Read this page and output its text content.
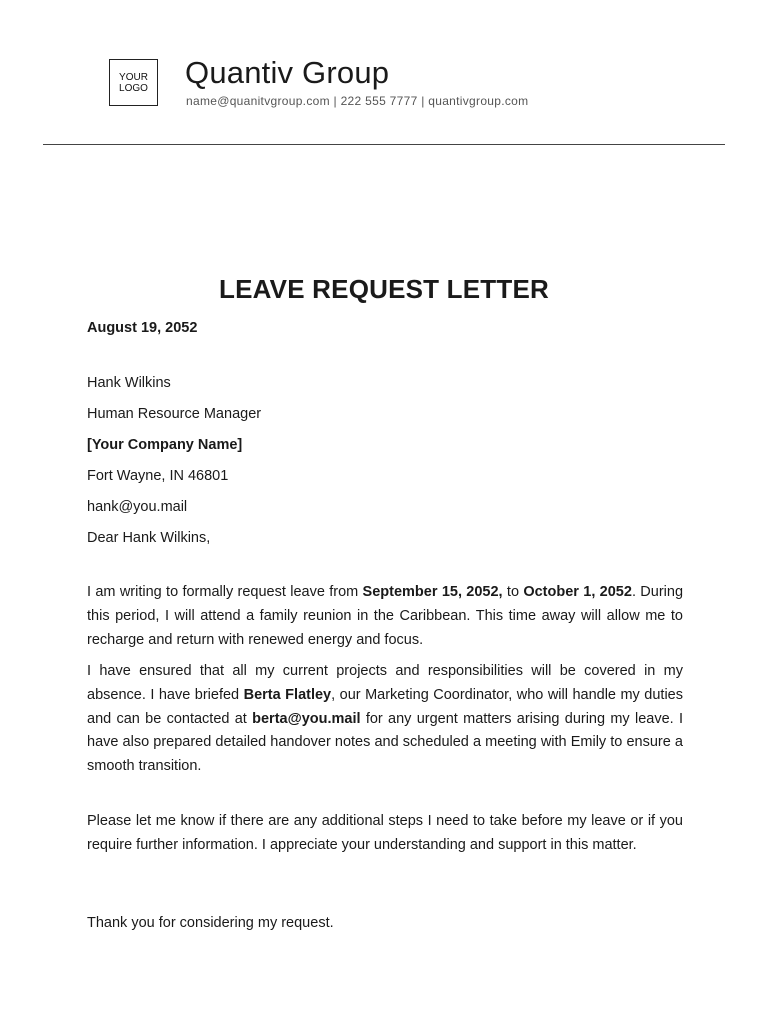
YOUR
LOGO Quantiv Group
name@quanitvgroup.com | 222 555 7777 | quantivgroup.com
LEAVE REQUEST LETTER
August 19, 2052
Hank Wilkins
Human Resource Manager
[Your Company Name]
Fort Wayne, IN 46801
hank@you.mail
Dear Hank Wilkins,
I am writing to formally request leave from September 15, 2052, to October 1, 2052. During this period, I will attend a family reunion in the Caribbean. This time away will allow me to recharge and return with renewed energy and focus.
I have ensured that all my current projects and responsibilities will be covered in my absence. I have briefed Berta Flatley, our Marketing Coordinator, who will handle my duties and can be contacted at berta@you.mail for any urgent matters arising during my leave. I have also prepared detailed handover notes and scheduled a meeting with Emily to ensure a smooth transition.
Please let me know if there are any additional steps I need to take before my leave or if you require further information. I appreciate your understanding and support in this matter.
Thank you for considering my request.
